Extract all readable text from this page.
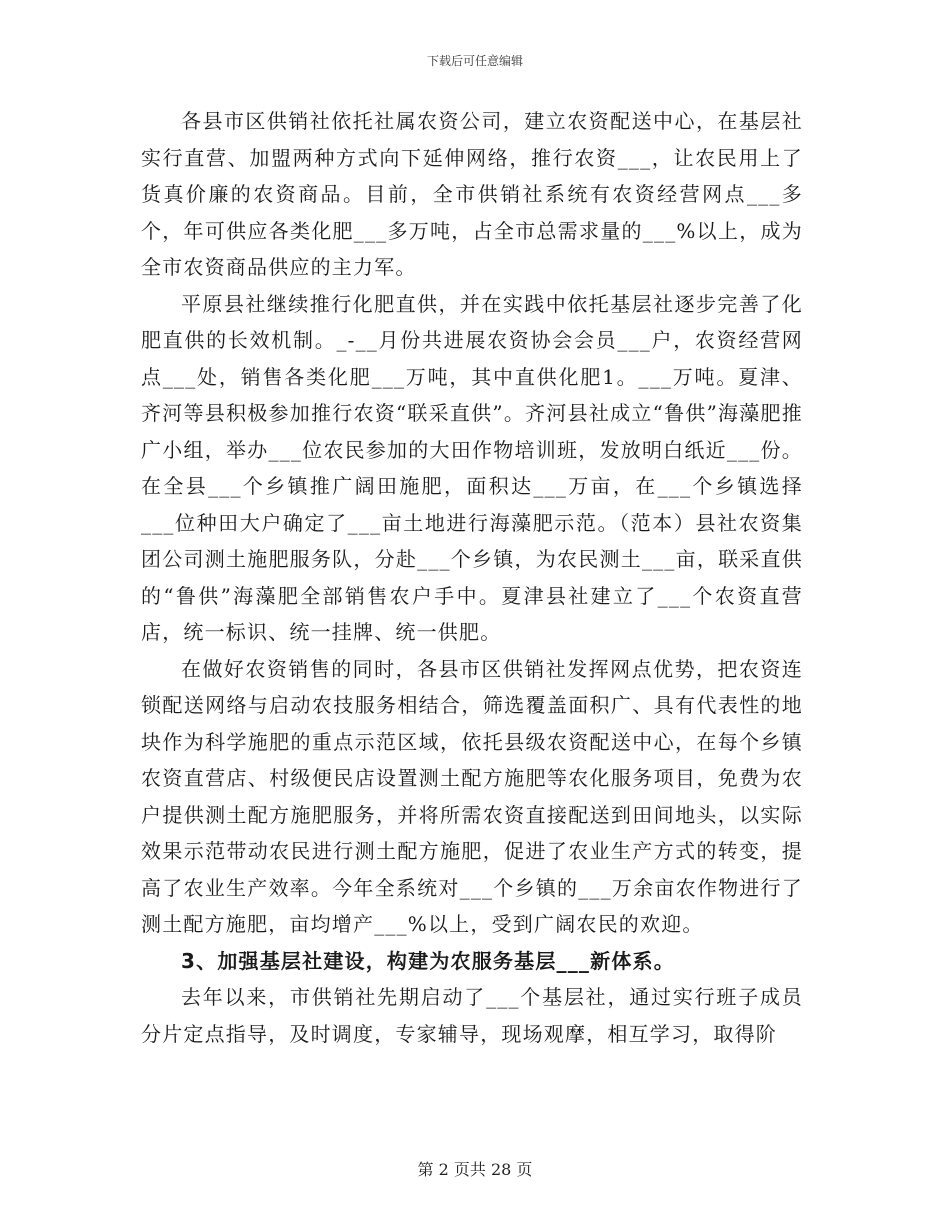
下载后可任意编辑

各县市区供销社依托社属农资公司，建立农资配送中心，在基层社实行直营、加盟两种方式向下延伸网络，推行农资___，让农民用上了货真价廉的农资商品。目前，全市供销社系统有农资经营网点___多个，年可供应各类化肥___多万吨，占全市总需求量的___%以上，成为全市农资商品供应的主力军。

平原县社继续推行化肥直供，并在实践中依托基层社逐步完善了化肥直供的长效机制。_-__月份共进展农资协会会员___户，农资经营网点___处，销售各类化肥___万吨，其中直供化肥1。___万吨。夏津、齐河等县积极参加推行农资“联采直供”。齐河县社成立“鲁供”海藻肥推广小组，举办___位农民参加的大田作物培训班，发放明白纸近___份。在全县___个乡镇推广阔田施肥，面积达___万亩，在___个乡镇选择___位种田大户确定了___亩土地进行海藻肥示范。（范本）县社农资集团公司测土施肥服务队，分赴___个乡镇，为农民测土___亩，联采直供的“鲁供”海藻肥全部销售农户手中。夏津县社建立了___个农资直营店，统一标识、统一挂牌、统一供肥。

在做好农资销售的同时，各县市区供销社发挥网点优势，把农资连锁配送网络与启动农技服务相结合，筛选覆盖面积广、具有代表性的地块作为科学施肥的重点示范区域，依托县级农资配送中心，在每个乡镇农资直营店、村级便民店设置测土配方施肥等农化服务项目，免费为农户提供测土配方施肥服务，并将所需农资直接配送到田间地头，以实际效果示范带动农民进行测土配方施肥，促进了农业生产方式的转变，提高了农业生产效率。今年全系统对___个乡镇的___万余亩农作物进行了测土配方施肥，亩均增产___%以上，受到广阔农民的欢迎。

3、加强基层社建设，构建为农服务基层___新体系。

去年以来，市供销社先期启动了___个基层社，通过实行班子成员分片定点指导，及时调度，专家辅导，现场观摩，相互学习，取得阶

第 2 页共 28 页
